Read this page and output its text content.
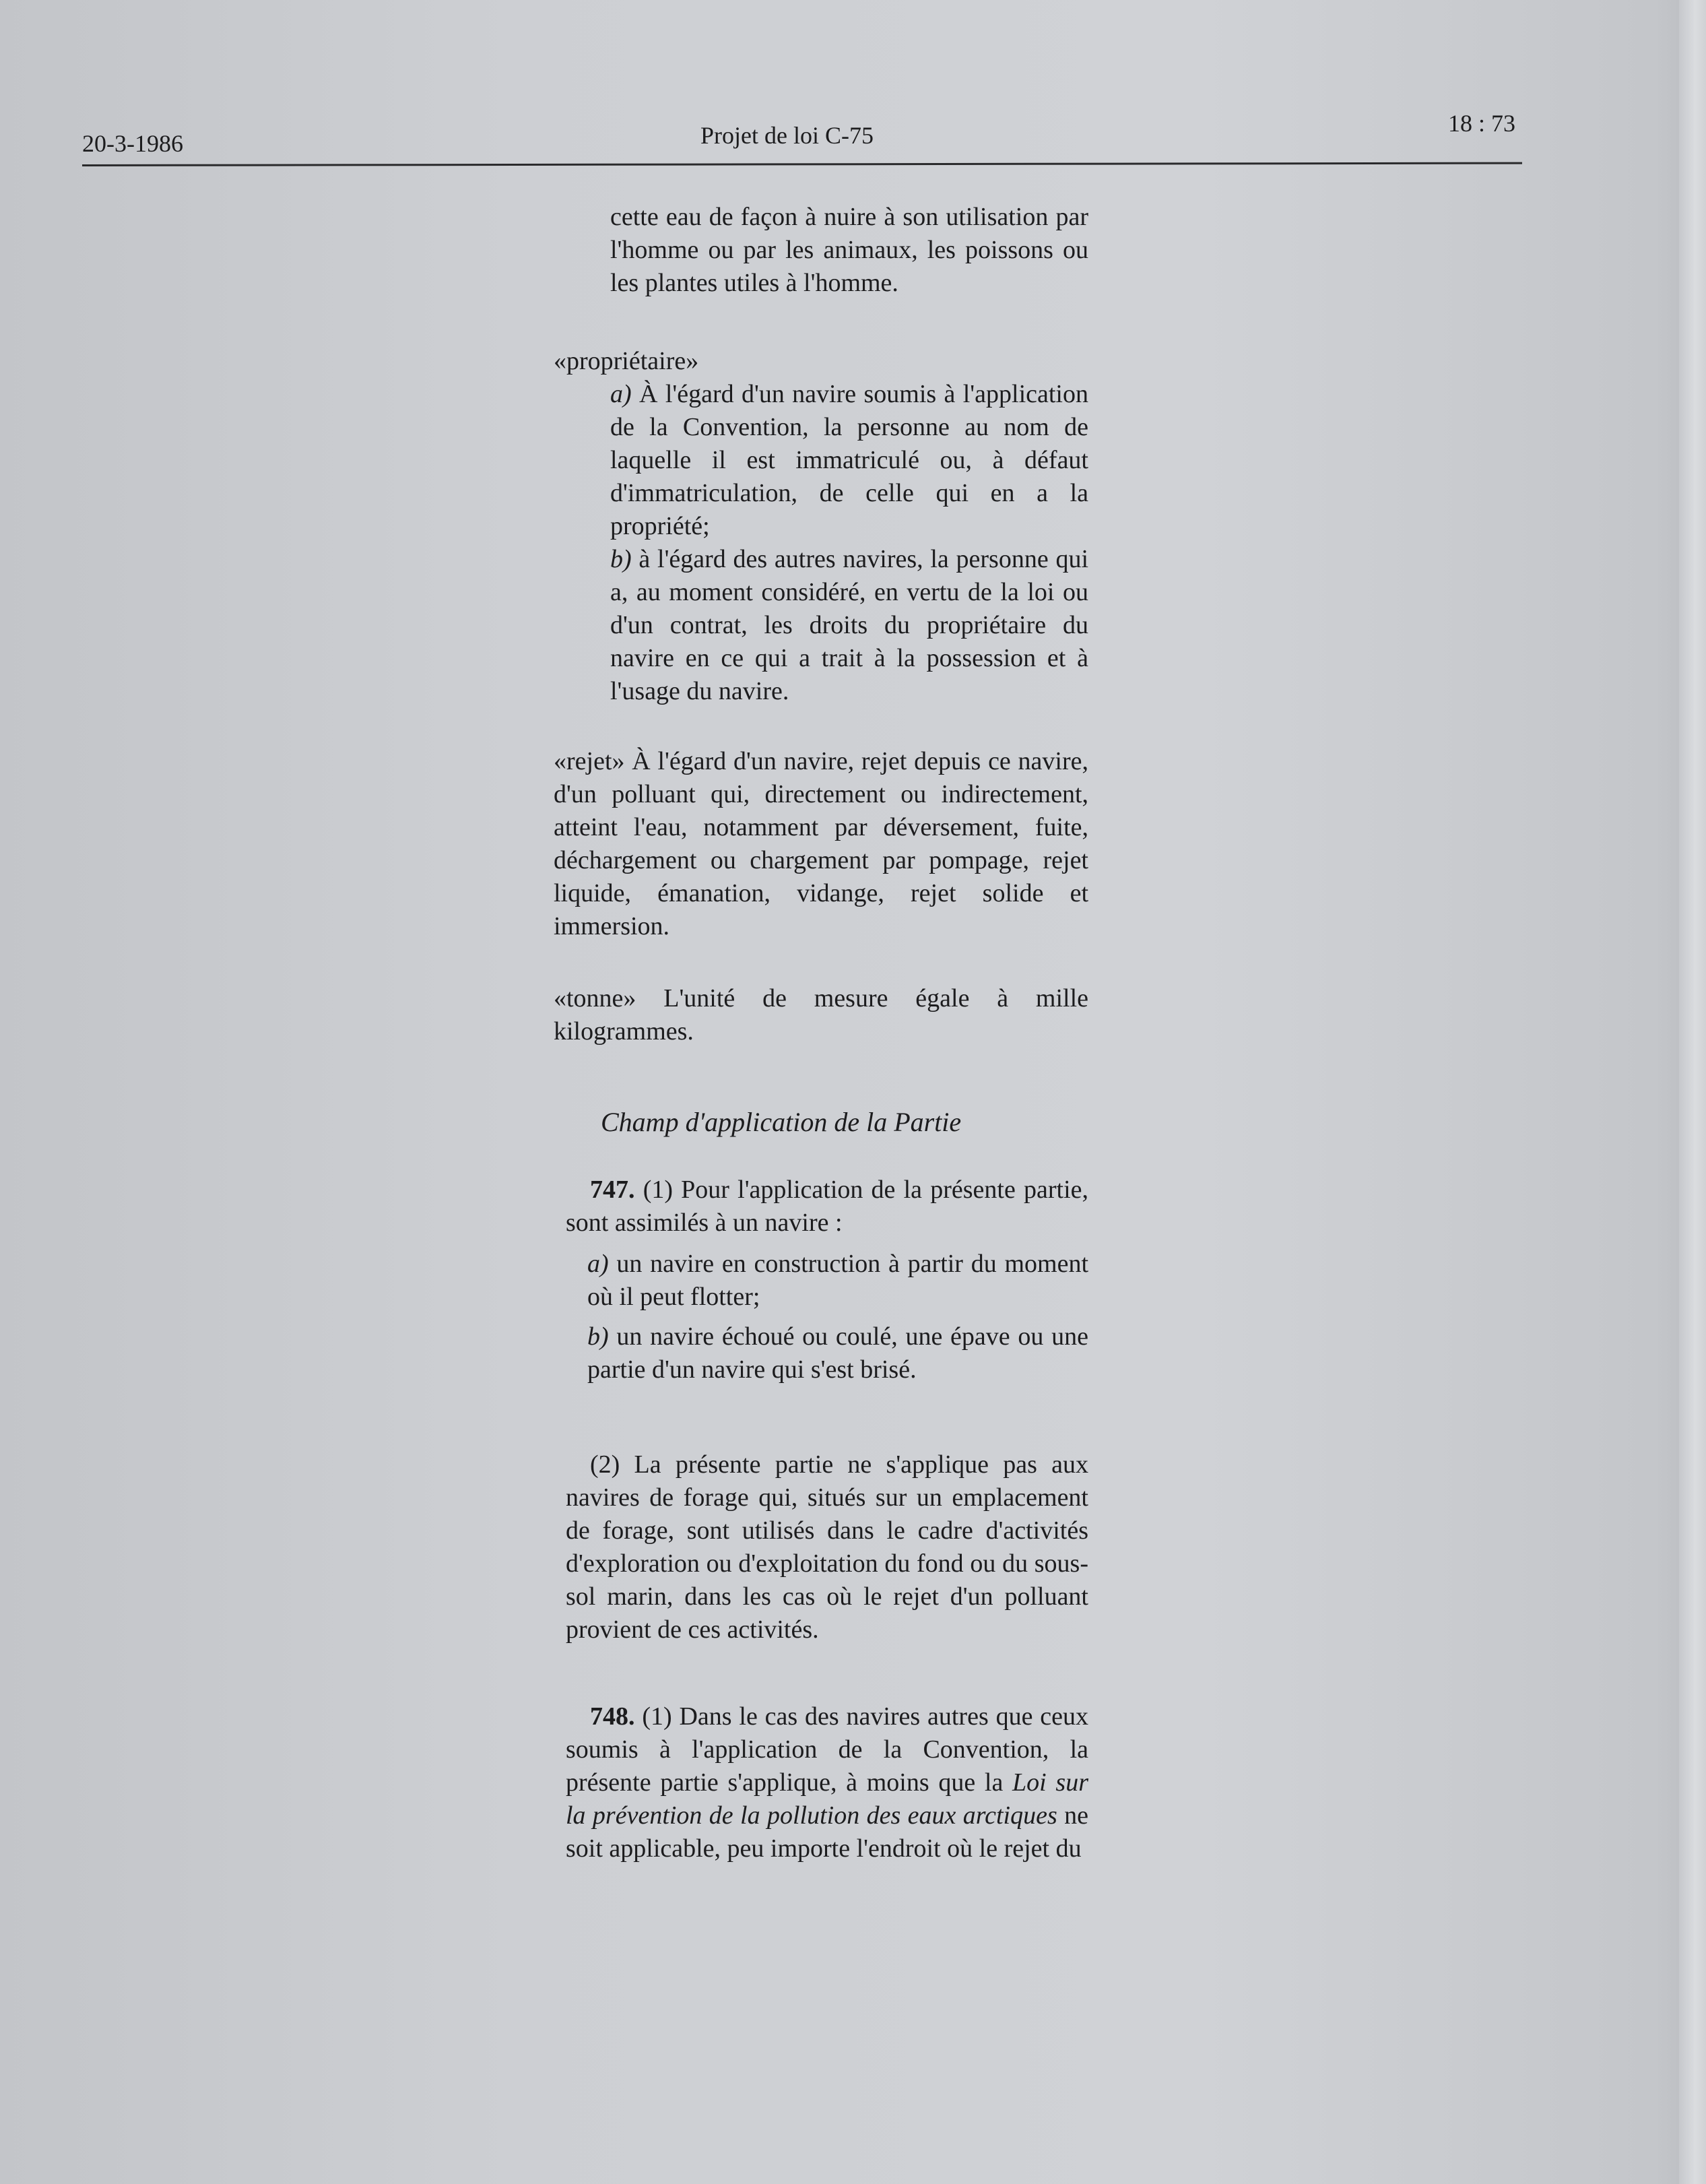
20-3-1986	Projet de loi C-75	18 : 73
cette eau de façon à nuire à son utilisation par l'homme ou par les animaux, les poissons ou les plantes utiles à l'homme.
«propriétaire»
a) À l'égard d'un navire soumis à l'application de la Convention, la personne au nom de laquelle il est immatriculé ou, à défaut d'immatriculation, de celle qui en a la propriété;
b) à l'égard des autres navires, la personne qui a, au moment considéré, en vertu de la loi ou d'un contrat, les droits du propriétaire du navire en ce qui a trait à la possession et à l'usage du navire.
«rejet» À l'égard d'un navire, rejet depuis ce navire, d'un polluant qui, directement ou indirectement, atteint l'eau, notamment par déversement, fuite, déchargement ou chargement par pompage, rejet liquide, émanation, vidange, rejet solide et immersion.
«tonne» L'unité de mesure égale à mille kilogrammes.
Champ d'application de la Partie
747. (1) Pour l'application de la présente partie, sont assimilés à un navire :
a) un navire en construction à partir du moment où il peut flotter;
b) un navire échoué ou coulé, une épave ou une partie d'un navire qui s'est brisé.
(2) La présente partie ne s'applique pas aux navires de forage qui, situés sur un emplacement de forage, sont utilisés dans le cadre d'activités d'exploration ou d'exploitation du fond ou du sous-sol marin, dans les cas où le rejet d'un polluant provient de ces activités.
748. (1) Dans le cas des navires autres que ceux soumis à l'application de la Convention, la présente partie s'applique, à moins que la Loi sur la prévention de la pollution des eaux arctiques ne soit applicable, peu importe l'endroit où le rejet du
